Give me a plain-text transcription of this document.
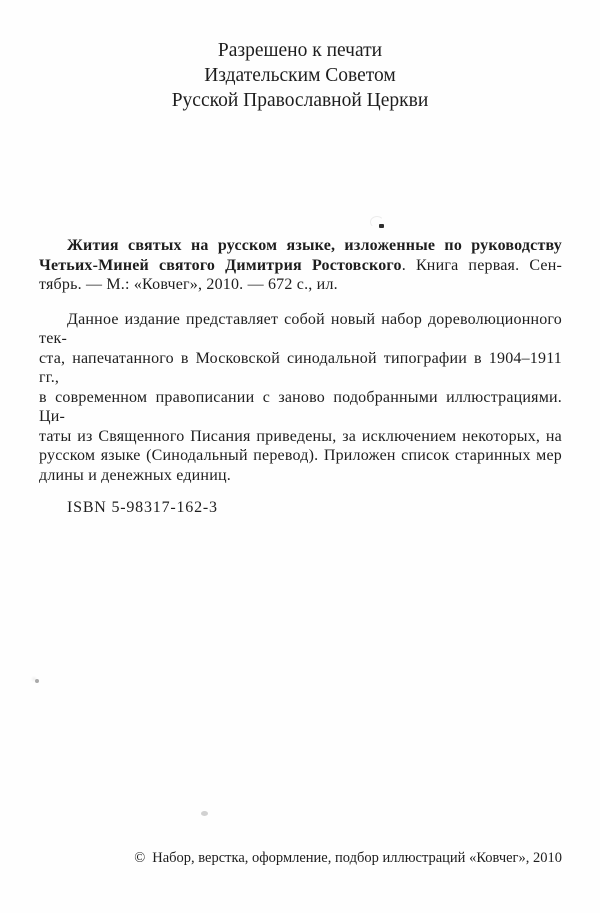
Разрешено к печати
Издательским Советом
Русской Православной Церкви
Жития святых на русском языке, изложенные по руководству
Четьих-Миней святого Димитрия Ростовского. Книга первая. Сен-
тябрь. — М.: «Ковчег», 2010. — 672 с., ил.
Данное издание представляет собой новый набор дореволюционного тек-
ста, напечатанного в Московской синодальной типографии в 1904–1911 гг.,
в современном правописании с заново подобранными иллюстрациями. Ци-
таты из Священного Писания приведены, за исключением некоторых, на
русском языке (Синодальный перевод). Приложен список старинных мер
длины и денежных единиц.
ISBN 5-98317-162-3
© Набор, верстка, оформление, подбор иллюстраций «Ковчег», 2010
